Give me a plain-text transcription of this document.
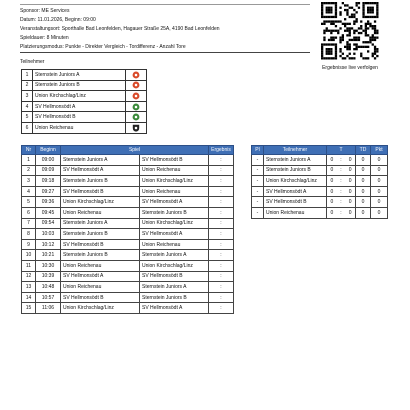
Sponsor: ME Services
Datum: 11.01.2026, Beginn: 09:00
Veranstaltungsort: Sporthalle Bad Leonfelden, Hagauer Straße 25A, 4190 Bad Leonfelden
Spieldauer: 8 Minuten
Platzierungsmodus: Punkte - Direkter Vergleich - Tordifferenz - Anzahl Tore
Ergebnisse live verfolgen
Teilnehmer
1	Sternstein Juniors A	
2	Sternstein Juniors B	
3	Union Kirchschlag/Linz	
4	SV Hellmonsödt A	
5	SV Hellmonsödt B	
6	Union Reichenau	
Nr	Beginn	Spiel		Ergebnis
1	09:00	Sternstein Juniors A	SV Hellmonsödt B	:
2	09:09	SV Hellmonsödt A	Union Reichenau	:
3	09:18	Sternstein Juniors B	Union Kirchschlag/Linz	:
4	09:27	SV Hellmonsödt B	Union Reichenau	:
5	09:36	Union Kirchschlag/Linz	SV Hellmonsödt A	:
6	09:45	Union Reichenau	Sternstein Juniors B	:
7	09:54	Sternstein Juniors A	Union Kirchschlag/Linz	:
8	10:03	Sternstein Juniors B	SV Hellmonsödt A	:
9	10:12	SV Hellmonsödt B	Union Reichenau	:
10	10:21	Sternstein Juniors B	Sternstein Juniors A	:
11	10:30	Union Reichenau	Union Kirchschlag/Linz	:
12	10:39	SV Hellmonsödt A	SV Hellmonsödt B	:
13	10:48	Union Reichenau	Sternstein Juniors A	:
14	10:57	SV Hellmonsödt B	Sternstein Juniors B	:
15	11:06	Union Kirchschlag/Linz	SV Hellmonsödt A	:
Pl	Teilnehmer	T			TD	Pkt
-	Sternstein Juniors A	0	:	0	0	0
-	Sternstein Juniors B	0	:	0	0	0
-	Union Kirchschlag/Linz	0	:	0	0	0
-	SV Hellmonsödt A	0	:	0	0	0
-	SV Hellmonsödt B	0	:	0	0	0
-	Union Reichenau	0	:	0	0	0
